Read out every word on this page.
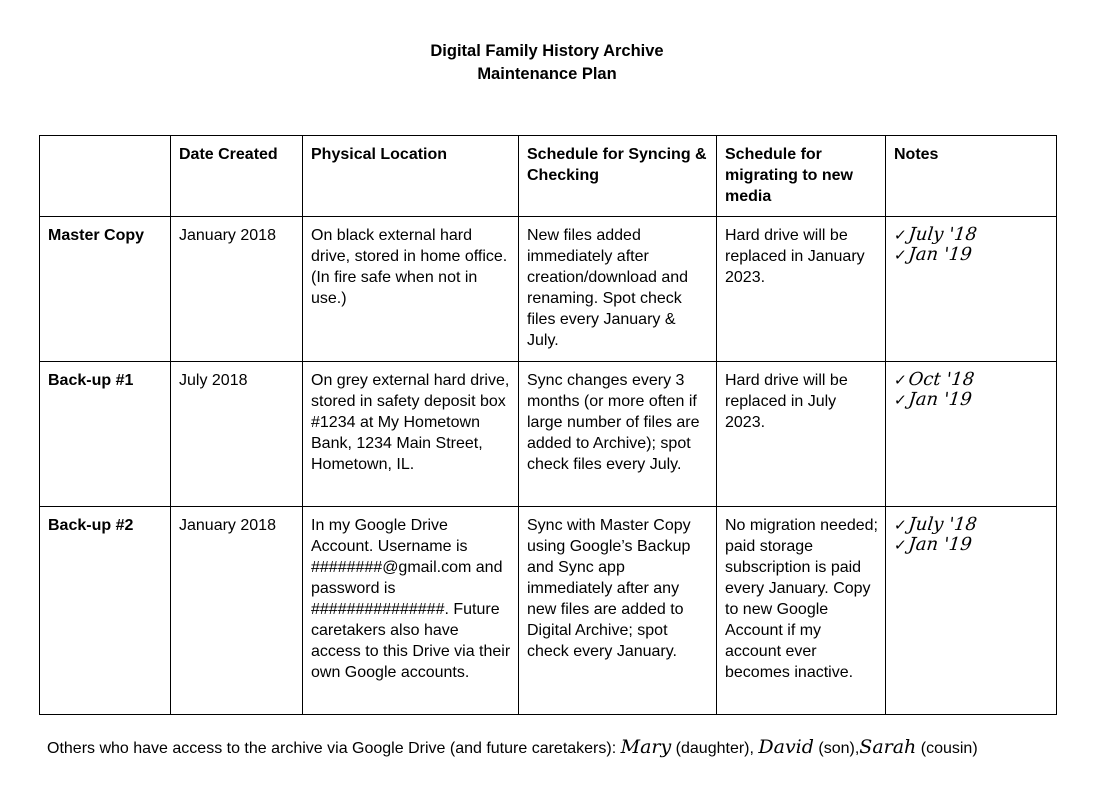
Digital Family History Archive
Maintenance Plan
	Date Created	Physical Location	Schedule for Syncing & Checking	Schedule for migrating to new media	Notes
Master Copy	January 2018	On black external hard drive, stored in home office. (In fire safe when not in use.)	New files added immediately after creation/download and renaming. Spot check files every January & July.	Hard drive will be replaced in January 2023.	✓July '18
✓Jan '19

Back-up #1	July 2018	On grey external hard drive, stored in safety deposit box #1234 at My Hometown Bank, 1234 Main Street, Hometown, IL.	Sync changes every 3 months (or more often if large number of files are added to Archive); spot check files every July.	Hard drive will be replaced in July 2023.	✓Oct '18
✓Jan '19

Back-up #2	January 2018	In my Google Drive Account. Username is ########@gmail.com and password is ###############. Future caretakers also have access to this Drive via their own Google accounts.	Sync with Master Copy using Google’s Backup and Sync app immediately after any new files are added to Digital Archive; spot check every January.	No migration needed; paid storage subscription is paid every January. Copy to new Google Account if my account ever becomes inactive.	✓July '18
✓Jan '19
Others who have access to the archive via Google Drive (and future caretakers): Mary (daughter), David (son),Sarah (cousin)
